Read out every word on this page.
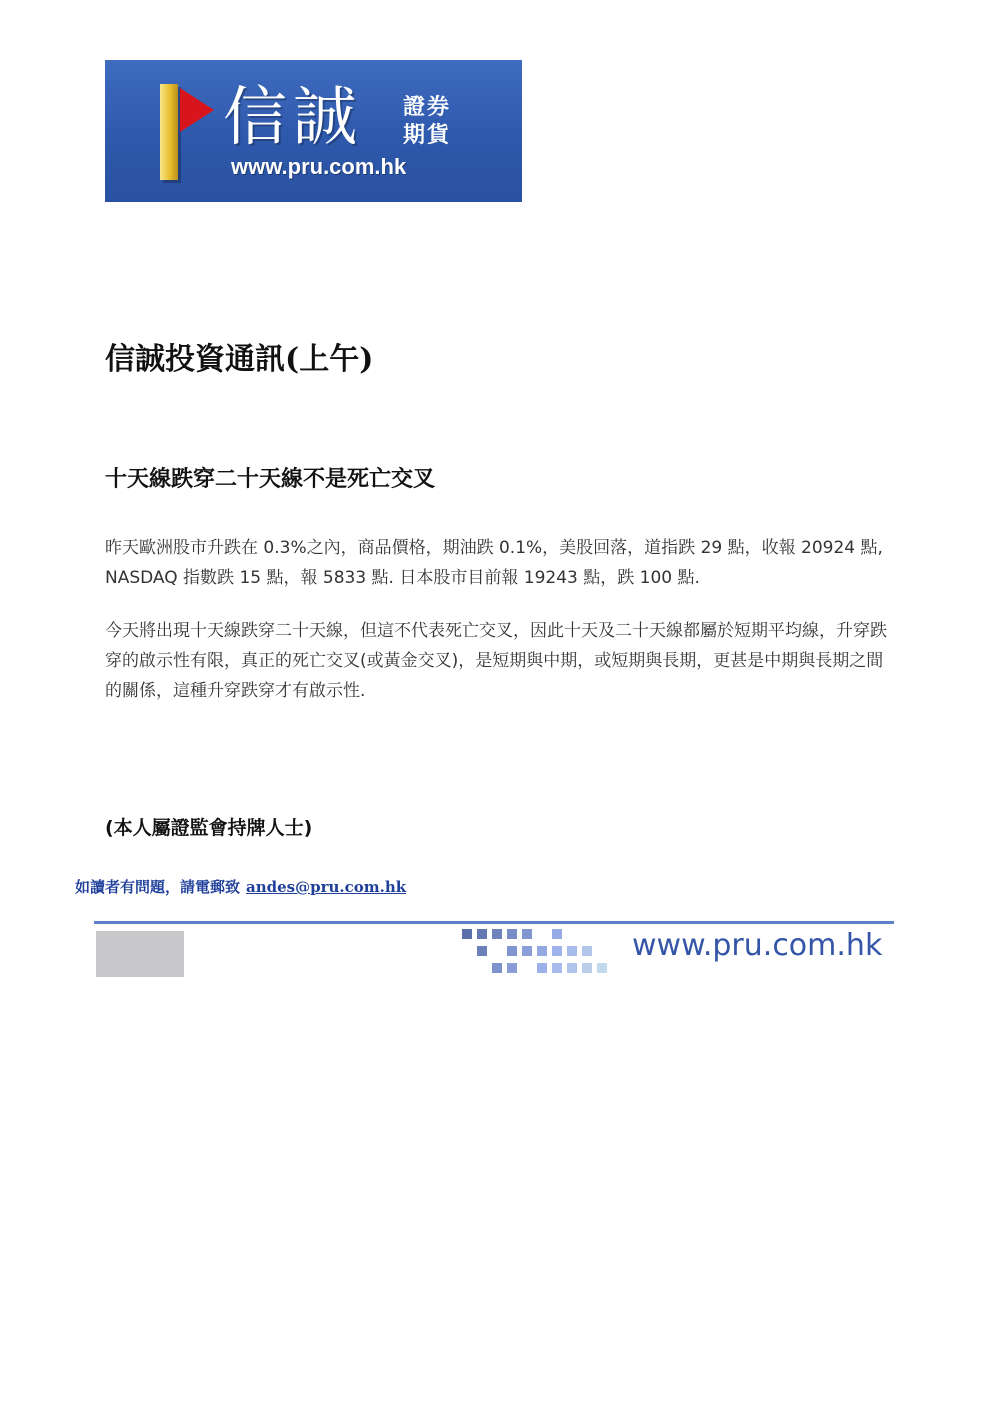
信誠 證券
期貨
www.pru.com.hk
信誠投資通訊(上午)
十天線跌穿二十天線不是死亡交叉

昨天歐洲股市升跌在 0.3%之內，商品價格，期油跌 0.1%，美股回落，道指跌 29 點，收報 20924 點, NASDAQ 指數跌 15 點，報 5833 點. 日本股市目前報 19243 點，跌 100 點.

今天將出現十天線跌穿二十天線，但這不代表死亡交叉，因此十天及二十天線都屬於短期平均線，升穿跌穿的啟示性有限，真正的死亡交叉(或黃金交叉)，是短期與中期，或短期與長期，更甚是中期與長期之間的關係，這種升穿跌穿才有啟示性.

(本人屬證監會持牌人士)

如讀者有問題，請電郵致 andes@pru.com.hk
www.pru.com.hk
